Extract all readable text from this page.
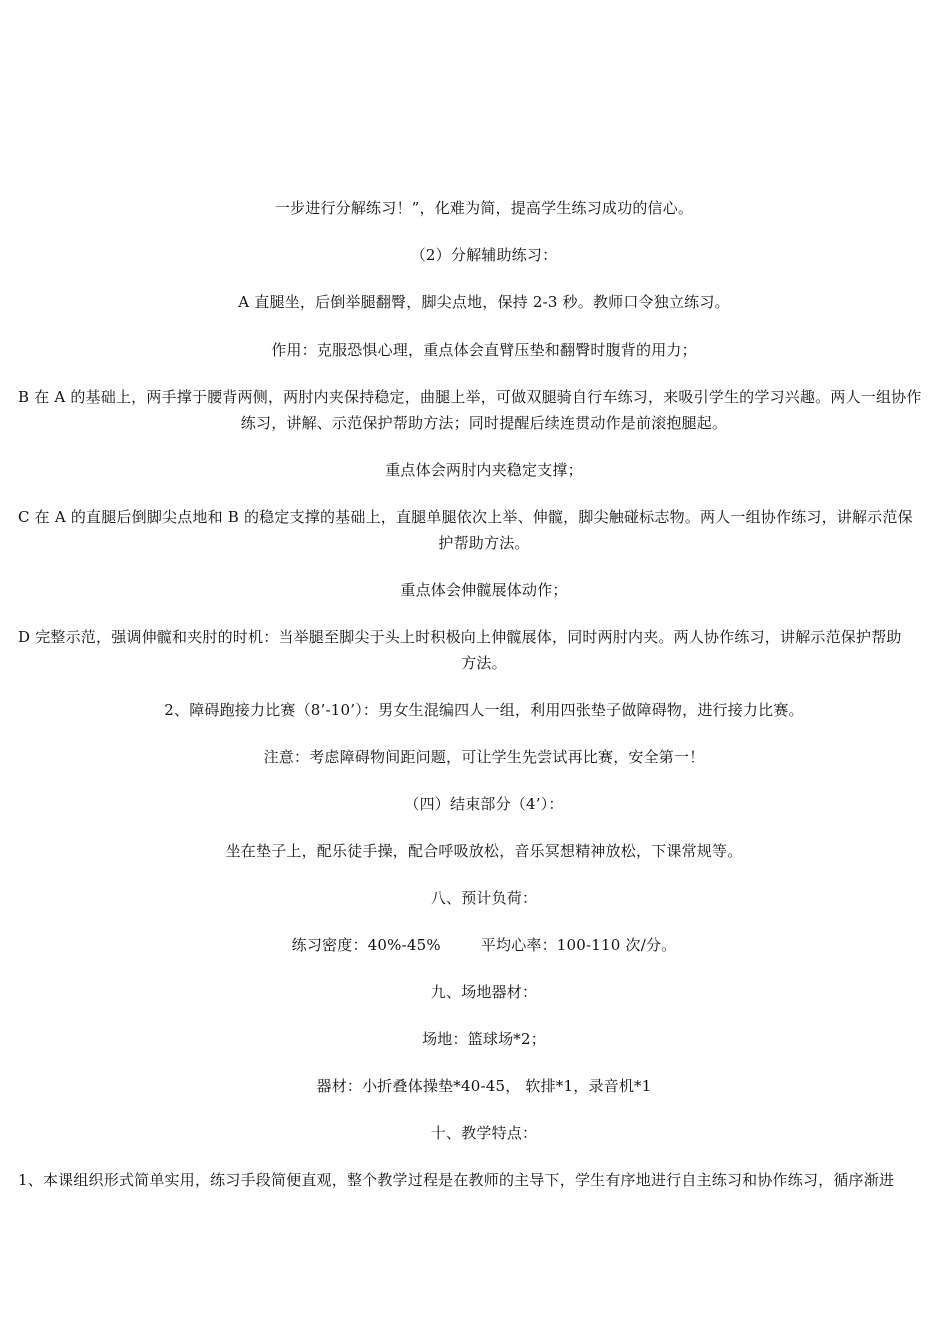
一步进行分解练习！”，化难为简，提高学生练习成功的信心。
（2）分解辅助练习：
A 直腿坐，后倒举腿翻臀，脚尖点地，保持 2-3 秒。教师口令独立练习。
作用：克服恐惧心理，重点体会直臂压垫和翻臀时腹背的用力；
B 在 A 的基础上，两手撑于腰背两侧，两肘内夹保持稳定，曲腿上举，可做双腿骑自行车练习，来吸引学生的学习兴趣。两人一组协作
练习，讲解、示范保护帮助方法；同时提醒后续连贯动作是前滚抱腿起。
重点体会两肘内夹稳定支撑；
C 在 A 的直腿后倒脚尖点地和 B 的稳定支撑的基础上，直腿单腿依次上举、伸髋，脚尖触碰标志物。两人一组协作练习，讲解示范保
护帮助方法。
重点体会伸髋展体动作；
D 完整示范，强调伸髋和夹肘的时机：当举腿至脚尖于头上时积极向上伸髋展体，同时两肘内夹。两人协作练习，讲解示范保护帮助
方法。
2、障碍跑接力比赛（8’-10’）：男女生混编四人一组，利用四张垫子做障碍物，进行接力比赛。
注意：考虑障碍物间距问题，可让学生先尝试再比赛，安全第一！
（四）结束部分（4’）：
坐在垫子上，配乐徒手操，配合呼吸放松，音乐冥想精神放松，下课常规等。
八、预计负荷：
练习密度：40%-45%	平均心率：100-110 次/分。
九、场地器材：
场地：篮球场*2；
器材：小折叠体操垫*40-45， 软排*1，录音机*1
十、教学特点：
1、本课组织形式简单实用，练习手段简便直观，整个教学过程是在教师的主导下，学生有序地进行自主练习和协作练习，循序渐进
